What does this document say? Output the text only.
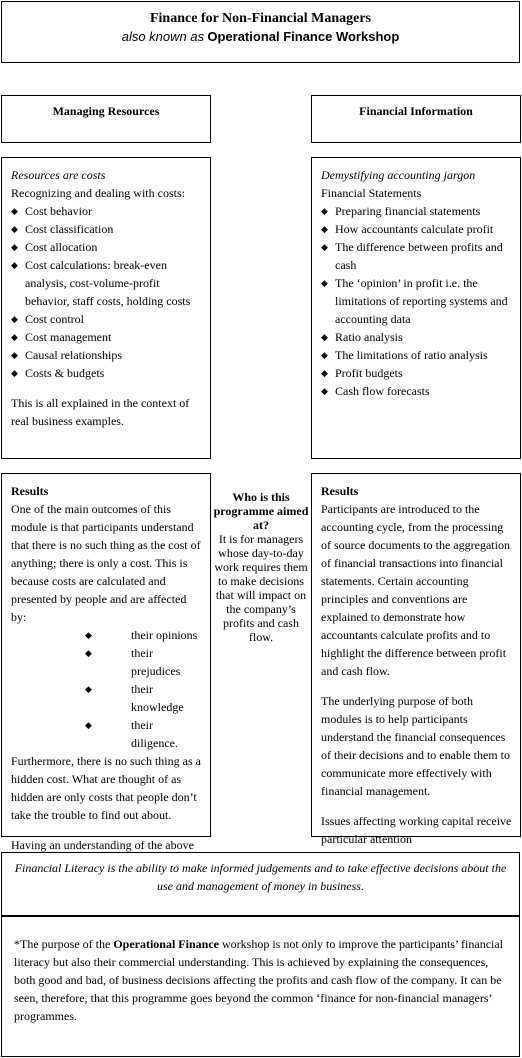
Finance for Non-Financial Managers
also known as Operational Finance Workshop
Managing Resources	Financial Information
Resources are costs
Recognizing and dealing with costs:
◆ Cost behavior
◆ Cost classification
◆ Cost allocation
◆ Cost calculations: break-even analysis, cost-volume-profit behavior, staff costs, holding costs
◆ Cost control
◆ Cost management
◆ Causal relationships
◆ Costs & budgets
This is all explained in the context of real business examples.
Demystifying accounting jargon
Financial Statements
◆ Preparing financial statements
◆ How accountants calculate profit
◆ The difference between profits and cash
◆ The ‘opinion’ in profit i.e. the limitations of reporting systems and accounting data
◆ Ratio analysis
◆ The limitations of ratio analysis
◆ Profit budgets
◆ Cash flow forecasts

Results

One of the main outcomes of this module is that participants understand that there is no such thing as the cost of anything; there is only a cost. This is because costs are calculated and presented by people and are affected by:

◆	their opinions
◆	their prejudices
◆	their knowledge
◆	their diligence.

Furthermore, there is no such thing as a hidden cost. What are thought of as hidden are only costs that people don’t take the trouble to find out about.

Having an understanding of the above

Who is this programme aimed at?
It is for managers whose day-to-day work requires them to make decisions that will impact on the company’s profits and cash flow.

Results

Participants are introduced to the accounting cycle, from the processing of source documents to the aggregation of financial transactions into financial statements. Certain accounting principles and conventions are explained to demonstrate how accountants calculate profits and to highlight the difference between profit and cash flow.

The underlying purpose of both modules is to help participants understand the financial consequences of their decisions and to enable them to communicate more effectively with financial management.

Issues affecting working capital receive particular attention

Financial Literacy is the ability to make informed judgements and to take effective decisions about the use and management of money in business.
*The purpose of the Operational Finance workshop is not only to improve the participants’ financial literacy but also their commercial understanding. This is achieved by explaining the consequences, both good and bad, of business decisions affecting the profits and cash flow of the company. It can be seen, therefore, that this programme goes beyond the common ‘finance for non-financial managers’ programmes.
